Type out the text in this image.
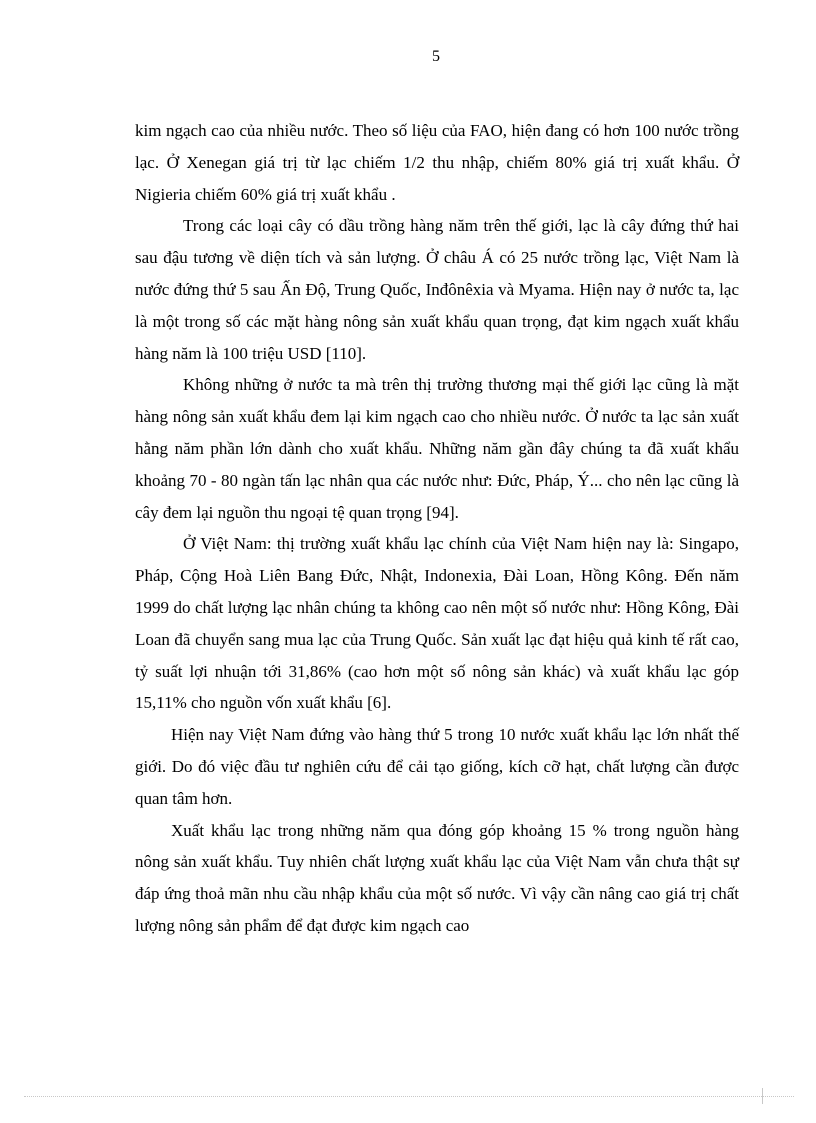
5

kim ngạch cao của nhiều nước. Theo số liệu của FAO, hiện đang có hơn 100 nước trồng lạc. Ở Xenegan giá trị từ lạc chiếm 1/2 thu nhập, chiếm 80% giá trị xuất khẩu. Ở Nigieria chiếm 60% giá trị xuất khẩu .

Trong các loại cây có dầu trồng hàng năm trên thế giới, lạc là cây đứng thứ hai sau đậu tương về diện tích và sản lượng. Ở châu Á có 25 nước trồng lạc, Việt Nam là nước đứng thứ 5 sau Ấn Độ, Trung Quốc, Inđônêxia và Myama. Hiện nay ở nước ta, lạc là một trong số các mặt hàng nông sản xuất khẩu quan trọng, đạt kim ngạch xuất khẩu hàng năm là 100 triệu USD [110].

Không những ở nước ta mà trên thị trường thương mại thế giới lạc cũng là mặt hàng nông sản xuất khẩu đem lại kim ngạch cao cho nhiều nước. Ở nước ta lạc sản xuất hằng năm phần lớn dành cho xuất khẩu. Những năm gần đây chúng ta đã xuất khẩu khoảng 70 - 80 ngàn tấn lạc nhân qua các nước như: Đức, Pháp, Ý... cho nên lạc cũng là cây đem lại nguồn thu ngoại tệ quan trọng [94].

Ở Việt Nam: thị trường xuất khẩu lạc chính của Việt Nam hiện nay là: Singapo, Pháp, Cộng Hoà Liên Bang Đức, Nhật, Indonexia, Đài Loan, Hồng Kông. Đến năm 1999 do chất lượng lạc nhân chúng ta không cao nên một số nước như: Hồng Kông, Đài Loan đã chuyển sang mua lạc của Trung Quốc. Sản xuất lạc đạt hiệu quả kinh tế rất cao, tỷ suất lợi nhuận tới 31,86% (cao hơn một số nông sản khác) và xuất khẩu lạc góp 15,11% cho nguồn vốn xuất khẩu [6].

Hiện nay Việt Nam đứng vào hàng thứ 5 trong 10 nước xuất khẩu lạc lớn nhất thế giới. Do đó việc đầu tư nghiên cứu để cải tạo giống, kích cỡ hạt, chất lượng cần được quan tâm hơn.

Xuất khẩu lạc trong những năm qua đóng góp khoảng 15 % trong nguồn hàng nông sản xuất khẩu. Tuy nhiên chất lượng xuất khẩu lạc của Việt Nam vẫn chưa thật sự đáp ứng thoả mãn nhu cầu nhập khẩu của một số nước. Vì vậy cần nâng cao giá trị chất lượng nông sản phẩm để đạt được kim ngạch cao
